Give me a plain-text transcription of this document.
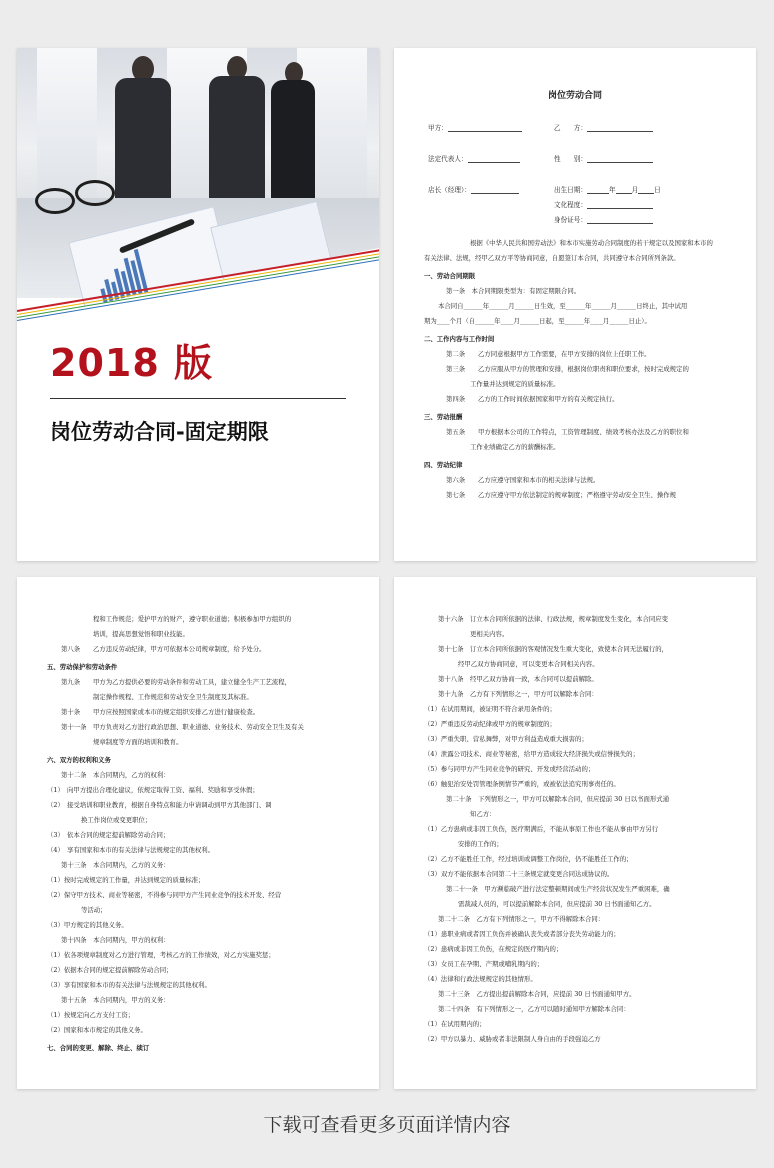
2018 版
岗位劳动合同-固定期限
岗位劳动合同
甲方：	乙　　方：
法定代表人：	性　　别：
店长（经理）：	出生日期：	年 月 日
文化程度：
身份证号：

根据《中华人民共和国劳动法》和本市实施劳动合同制度的若干规定以及国家和本市的

有关法律、法规，经甲乙双方平等协商同意，自愿签订本合同，共同遵守本合同所列条款。

一、劳动合同期限

第一条　本合同期限类型为：有固定期限合同。

本合同自______年______月______日生效，至______年______月______日终止，其中试用

期为____个月（自______年____月______日起，至______年____月______日止）。

二、工作内容与工作时间

第二条　　乙方同意根据甲方工作需要，在甲方安排的岗位上任职工作。

第三条　　乙方应服从甲方的管理和安排，根据岗位职责和职位要求，按时完成规定的

工作量并达到规定的质量标准。

第四条　　乙方的工作时间依据国家和甲方的有关规定执行。

三、劳动报酬

第五条　　甲方根据本公司的工作特点，工资管理制度、绩效考核办法及乙方的职位和

工作业绩确定乙方的薪酬标准。

四、劳动纪律

第六条　　乙方应遵守国家和本市的相关法律与法规。

第七条　　乙方应遵守甲方依法制定的规章制度；严格遵守劳动安全卫生、操作规

程和工作规范；爱护甲方的财产，遵守职业道德；积极参加甲方组织的

培训，提高思想觉悟和职业技能。

第八条　　乙方违反劳动纪律，甲方可依据本公司规章制度，给予处分。

五、劳动保护和劳动条件

第九条　　甲方为乙方提供必要的劳动条件和劳动工具，建立健全生产工艺流程，

制定操作规程、工作规范和劳动安全卫生制度及其标准。

第十条　　甲方应按照国家或本市的规定组织安排乙方进行健康检查。

第十一条　甲方负责对乙方进行政治思想、职业道德、业务技术、劳动安全卫生及有关

规章制度等方面的培训和教育。

六、双方的权利和义务

第十二条　本合同期内，乙方的权利：

（1）　向甲方提出合理化建议，依规定取得工资、福利、奖励和享受休假；

（2）　接受培训和职业教育，根据自身特点和能力申请调动到甲方其他部门、调

换工作岗位或变更职位；

（3）　依本合同的规定提前解除劳动合同；

（4）　享有国家和本市的有关法律与法规规定的其他权利。

第十三条　本合同期内，乙方的义务：

（1）按时完成规定的工作量，并达到规定的质量标准；

（2）保守甲方技术、商业等秘密，不得参与同甲方产生同业竞争的技术开发、经营

等活动；

（3）甲方规定的其他义务。

第十四条　本合同期内，甲方的权利：

（1）依各项规章制度对乙方进行管理，考核乙方的工作绩效，对乙方实施奖惩；

（2）依据本合同的规定提前解除劳动合同；

（3）享有国家和本市的有关法律与法规规定的其他权利。

第十五条　本合同期内，甲方的义务：

（1）按规定向乙方支付工资；

（2）国家和本市规定的其他义务。

七、合同的变更、解除、终止、续订

第十六条　订立本合同所依据的法律、行政法规，规章制度发生变化，本合同应变

更相关内容。

第十七条　订立本合同所依据的客观情况发生重大变化，致使本合同无法履行的，

经甲乙双方协商同意，可以变更本合同相关内容。

第十八条　经甲乙双方协商一致，本合同可以提前解除。

第十九条　乙方有下列情形之一，甲方可以解除本合同：

（1）在试用期间，被证明不符合录用条件的；

（2）严重违反劳动纪律或甲方的规章制度的；

（3）严重失职、营私舞弊，对甲方利益造成重大损害的；

（4）泄露公司技术、商业等秘密，给甲方造成较大经济损失或信誉损失的；

（5）参与同甲方产生同业竞争的研究、开发或经营活动的；

（6）触犯治安处罚管理条例情节严重的，或被依法追究刑事责任的。

第二十条　下列情形之一，甲方可以解除本合同，但应提前 30 日以书面形式通

知乙方：

（1）乙方患病或非因工负伤，医疗期满后，不能从事原工作也不能从事由甲方另行

安排的工作的；

（2）乙方不能胜任工作，经过培训或调整工作岗位，仍不能胜任工作的；

（3）双方不能依据本合同第二十三条规定就变更合同达成协议的。

第二十一条　甲方濒临破产进行法定整顿期间或生产经营状况发生严重困难，确

需裁减人员的，可以提前解除本合同，但应提前 30 日书面通知乙方。

第二十二条　乙方有下列情形之一，甲方不得解除本合同：

（1）患职业病或者因工负伤并被确认丧失或者部分丧失劳动能力的；

（2）患病或非因工负伤，在规定的医疗期内的；

（3）女员工在孕期、产期或哺乳期内的；

（4）法律和行政法规规定的其他情形。

第二十三条　乙方提出提前解除本合同，应提前 30 日书面通知甲方。

第二十四条　有下列情形之一，乙方可以随时通知甲方解除本合同：

（1）在试用期内的；

（2）甲方以暴力、威胁或者非法限制人身自由的手段强迫乙方

下载可查看更多页面详情内容
